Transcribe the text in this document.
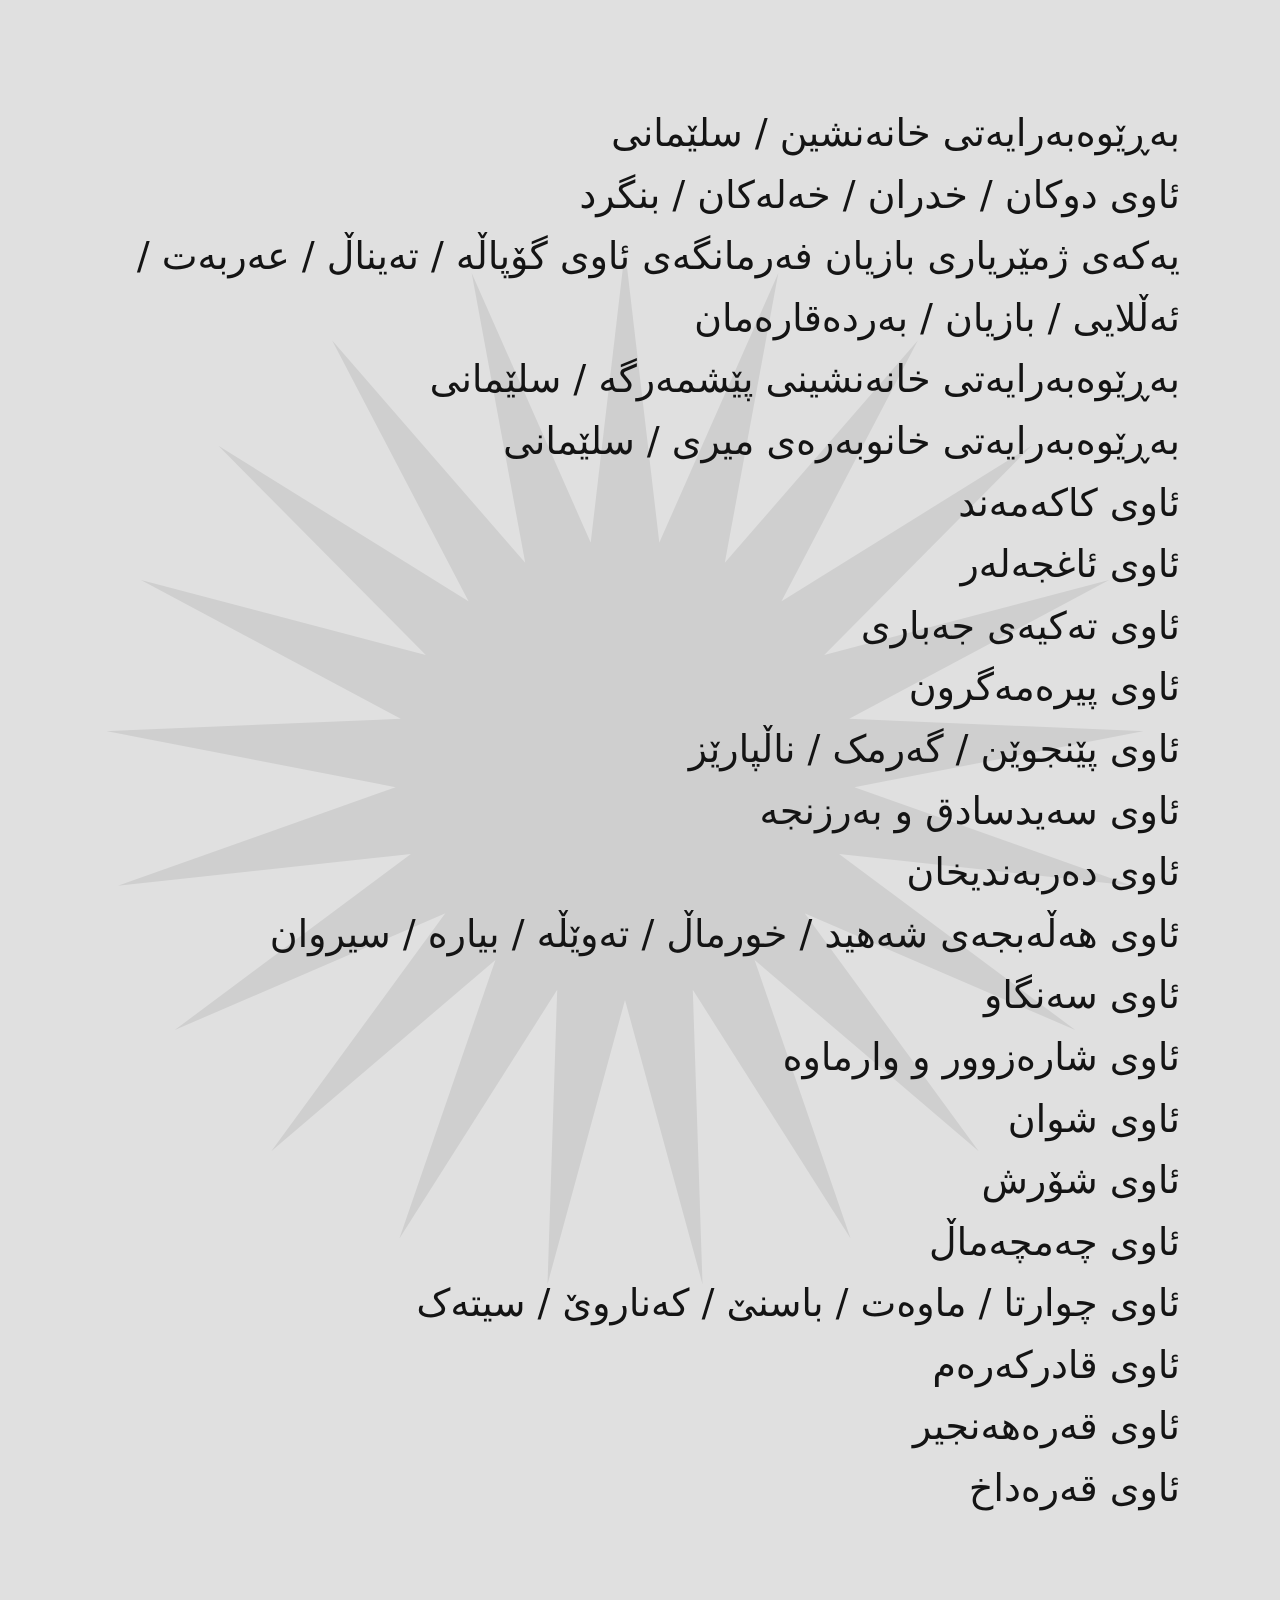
بەڕێوەبەرایەتی خانەنشین / سلێمانی
ئاوی دوکان / خدران / خەلەکان / بنگرد
یەکەی ژمێریاری بازیان فەرمانگەی ئاوی گۆپاڵە / تەیناڵ / عەربەت /
ئەڵلایی / بازیان / بەردەقارەمان
بەڕێوەبەرایەتی خانەنشینی پێشمەرگە / سلێمانی
بەڕێوەبەرایەتی خانوبەرەی میری / سلێمانی
ئاوی کاکەمەند
ئاوی ئاغجەلەر
ئاوی تەکیەی جەباری
ئاوی پیرەمەگرون
ئاوی پێنجوێن / گەرمک / ناڵپارێز
ئاوی سەیدسادق و بەرزنجە
ئاوی دەربەندیخان
ئاوی هەڵەبجەی شەهید / خورماڵ / تەوێڵە / بیارە / سیروان
ئاوی سەنگاو
ئاوی شارەزوور و وارماوە
ئاوی شوان
ئاوی شۆرش
ئاوی چەمچەماڵ
ئاوی چوارتا / ماوەت / باسنێ / کەناروێ / سیتەک
ئاوی قادرکەرەم
ئاوی قەرەهەنجیر
ئاوی قەرەداخ
